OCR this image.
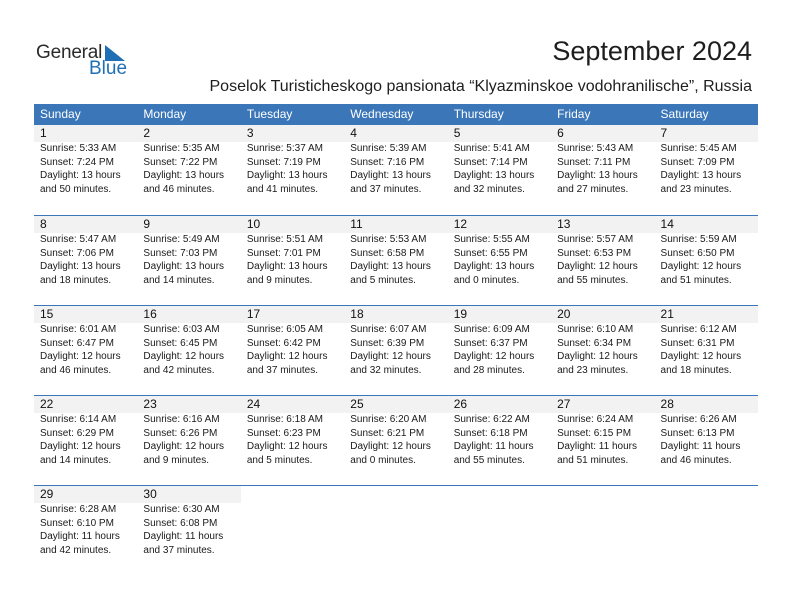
General
Blue
September 2024
Poselok Turisticheskogo pansionata “Klyazminskoe vodohranilische”, Russia
Sunday	Monday	Tuesday	Wednesday	Thursday	Friday	Saturday
1	2	3	4	5	6	7
Sunrise: 5:33 AM
Sunset: 7:24 PM
Daylight: 13 hours
and 50 minutes.
Sunrise: 5:35 AM
Sunset: 7:22 PM
Daylight: 13 hours
and 46 minutes.
Sunrise: 5:37 AM
Sunset: 7:19 PM
Daylight: 13 hours
and 41 minutes.
Sunrise: 5:39 AM
Sunset: 7:16 PM
Daylight: 13 hours
and 37 minutes.
Sunrise: 5:41 AM
Sunset: 7:14 PM
Daylight: 13 hours
and 32 minutes.
Sunrise: 5:43 AM
Sunset: 7:11 PM
Daylight: 13 hours
and 27 minutes.
Sunrise: 5:45 AM
Sunset: 7:09 PM
Daylight: 13 hours
and 23 minutes.
8	9	10	11	12	13	14
Sunrise: 5:47 AM
Sunset: 7:06 PM
Daylight: 13 hours
and 18 minutes.
Sunrise: 5:49 AM
Sunset: 7:03 PM
Daylight: 13 hours
and 14 minutes.
Sunrise: 5:51 AM
Sunset: 7:01 PM
Daylight: 13 hours
and 9 minutes.
Sunrise: 5:53 AM
Sunset: 6:58 PM
Daylight: 13 hours
and 5 minutes.
Sunrise: 5:55 AM
Sunset: 6:55 PM
Daylight: 13 hours
and 0 minutes.
Sunrise: 5:57 AM
Sunset: 6:53 PM
Daylight: 12 hours
and 55 minutes.
Sunrise: 5:59 AM
Sunset: 6:50 PM
Daylight: 12 hours
and 51 minutes.
15	16	17	18	19	20	21
Sunrise: 6:01 AM
Sunset: 6:47 PM
Daylight: 12 hours
and 46 minutes.
Sunrise: 6:03 AM
Sunset: 6:45 PM
Daylight: 12 hours
and 42 minutes.
Sunrise: 6:05 AM
Sunset: 6:42 PM
Daylight: 12 hours
and 37 minutes.
Sunrise: 6:07 AM
Sunset: 6:39 PM
Daylight: 12 hours
and 32 minutes.
Sunrise: 6:09 AM
Sunset: 6:37 PM
Daylight: 12 hours
and 28 minutes.
Sunrise: 6:10 AM
Sunset: 6:34 PM
Daylight: 12 hours
and 23 minutes.
Sunrise: 6:12 AM
Sunset: 6:31 PM
Daylight: 12 hours
and 18 minutes.
22	23	24	25	26	27	28
Sunrise: 6:14 AM
Sunset: 6:29 PM
Daylight: 12 hours
and 14 minutes.
Sunrise: 6:16 AM
Sunset: 6:26 PM
Daylight: 12 hours
and 9 minutes.
Sunrise: 6:18 AM
Sunset: 6:23 PM
Daylight: 12 hours
and 5 minutes.
Sunrise: 6:20 AM
Sunset: 6:21 PM
Daylight: 12 hours
and 0 minutes.
Sunrise: 6:22 AM
Sunset: 6:18 PM
Daylight: 11 hours
and 55 minutes.
Sunrise: 6:24 AM
Sunset: 6:15 PM
Daylight: 11 hours
and 51 minutes.
Sunrise: 6:26 AM
Sunset: 6:13 PM
Daylight: 11 hours
and 46 minutes.
29	30
Sunrise: 6:28 AM
Sunset: 6:10 PM
Daylight: 11 hours
and 42 minutes.
Sunrise: 6:30 AM
Sunset: 6:08 PM
Daylight: 11 hours
and 37 minutes.
